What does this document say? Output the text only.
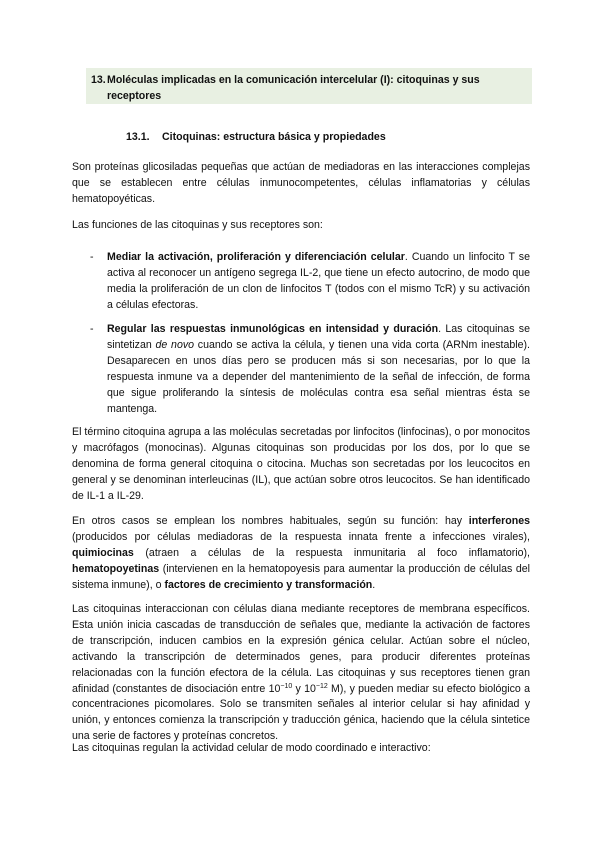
13.Moléculas implicadas en la comunicación intercelular (I): citoquinas y sus
receptores
13.1. Citoquinas: estructura básica y propiedades

Son proteínas glicosiladas pequeñas que actúan de mediadoras en las interacciones complejas que se establecen entre células inmunocompetentes, células inflamatorias y células hematopoyéticas.

Las funciones de las citoquinas y sus receptores son:

- Mediar la activación, proliferación y diferenciación celular. Cuando un linfocito T se activa al reconocer un antígeno segrega IL-2, que tiene un efecto autocrino, de modo que media la proliferación de un clon de linfocitos T (todos con el mismo TcR) y su activación a células efectoras.
- Regular las respuestas inmunológicas en intensidad y duración. Las citoquinas se sintetizan de novo cuando se activa la célula, y tienen una vida corta (ARNm inestable). Desaparecen en unos días pero se producen más si son necesarias, por lo que la respuesta inmune va a depender del mantenimiento de la señal de infección, de forma que sigue proliferando la síntesis de moléculas contra esa señal mientras ésta se mantenga.

El término citoquina agrupa a las moléculas secretadas por linfocitos (linfocinas), o por monocitos y macrófagos (monocinas). Algunas citoquinas son producidas por los dos, por lo que se denomina de forma general citoquina o citocina. Muchas son secretadas por los leucocitos en general y se denominan interleucinas (IL), que actúan sobre otros leucocitos. Se han identificado de IL-1 a IL-29.

En otros casos se emplean los nombres habituales, según su función: hay interferones (producidos por células mediadoras de la respuesta innata frente a infecciones virales), quimiocinas (atraen a células de la respuesta inmunitaria al foco inflamatorio), hematopoyetinas (intervienen en la hematopoyesis para aumentar la producción de células del sistema inmune), o factores de crecimiento y transformación.

Las citoquinas interaccionan con células diana mediante receptores de membrana específicos. Esta unión inicia cascadas de transducción de señales que, mediante la activación de factores de transcripción, inducen cambios en la expresión génica celular. Actúan sobre el núcleo, activando la transcripción de determinados genes, para producir diferentes proteínas relacionadas con la función efectora de la célula. Las citoquinas y sus receptores tienen gran afinidad (constantes de disociación entre $10^{-10}$ y $10^{-12}$ M), y pueden mediar su efecto biológico a concentraciones picomolares. Solo se transmiten señales al interior celular si hay afinidad y unión, y entonces comienza la transcripción y traducción génica, haciendo que la célula sintetice una serie de factores y proteínas concretos.

Las citoquinas regulan la actividad celular de modo coordinado e interactivo:
